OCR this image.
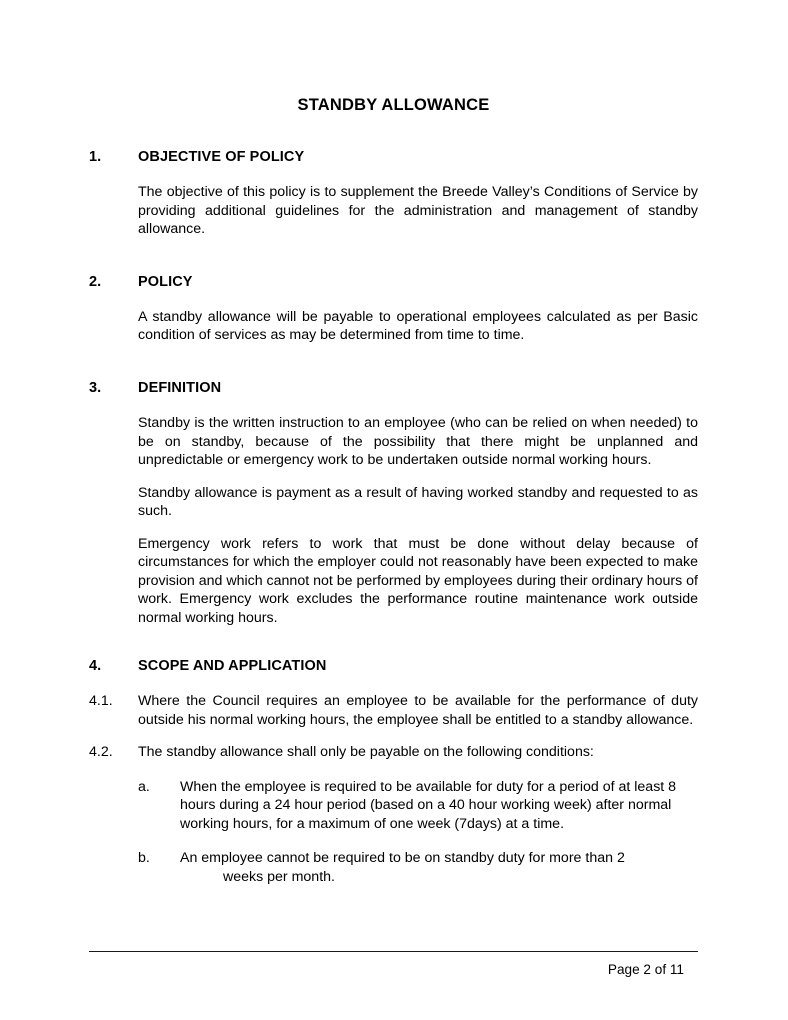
STANDBY ALLOWANCE
1.	OBJECTIVE OF POLICY
The objective of this policy is to supplement the Breede Valley’s Conditions of Service by providing additional guidelines for the administration and management of standby allowance.
2.	POLICY
A standby allowance will be payable to operational employees calculated as per Basic condition of services as may be determined from time to time.
3.	DEFINITION
Standby is the written instruction to an employee (who can be relied on when needed) to be on standby, because of the possibility that there might be unplanned and unpredictable or emergency work to be undertaken outside normal working hours.
Standby allowance is payment as a result of having worked standby and requested to as such.
Emergency work refers to work that must be done without delay because of circumstances for which the employer could not reasonably have been expected to make provision and which cannot not be performed by employees during their ordinary hours of work. Emergency work excludes the performance routine maintenance work outside normal working hours.
4.	SCOPE AND APPLICATION
4.1. Where the Council requires an employee to be available for the performance of duty outside his normal working hours, the employee shall be entitled to a standby allowance.
4.2. The standby allowance shall only be payable on the following conditions:
a. When the employee is required to be available for duty for a period of at least 8 hours during a 24 hour period (based on a 40 hour working week) after normal working hours, for a maximum of one week (7days) at a time.
b. An employee cannot be required to be on standby duty for more than 2
weeks per month.
Page 2 of 11
